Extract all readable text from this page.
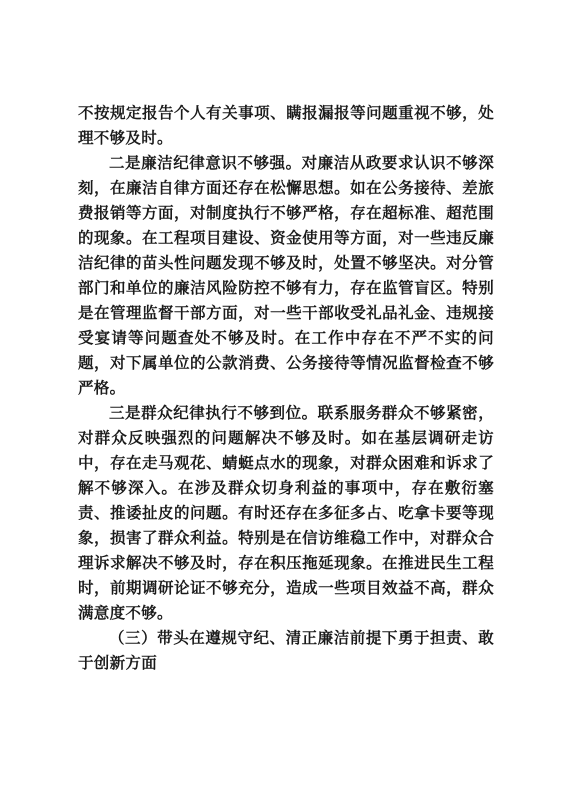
不按规定报告个人有关事项、瞒报漏报等问题重视不够，处理不够及时。

二是廉洁纪律意识不够强。对廉洁从政要求认识不够深刻，在廉洁自律方面还存在松懈思想。如在公务接待、差旅费报销等方面，对制度执行不够严格，存在超标准、超范围的现象。在工程项目建设、资金使用等方面，对一些违反廉洁纪律的苗头性问题发现不够及时，处置不够坚决。对分管部门和单位的廉洁风险防控不够有力，存在监管盲区。特别是在管理监督干部方面，对一些干部收受礼品礼金、违规接受宴请等问题查处不够及时。在工作中存在不严不实的问题，对下属单位的公款消费、公务接待等情况监督检查不够严格。

三是群众纪律执行不够到位。联系服务群众不够紧密，对群众反映强烈的问题解决不够及时。如在基层调研走访中，存在走马观花、蜻蜓点水的现象，对群众困难和诉求了解不够深入。在涉及群众切身利益的事项中，存在敷衍塞责、推诿扯皮的问题。有时还存在多征多占、吃拿卡要等现象，损害了群众利益。特别是在信访维稳工作中，对群众合理诉求解决不够及时，存在积压拖延现象。在推进民生工程时，前期调研论证不够充分，造成一些项目效益不高，群众满意度不够。

（三）带头在遵规守纪、清正廉洁前提下勇于担责、敢于创新方面
